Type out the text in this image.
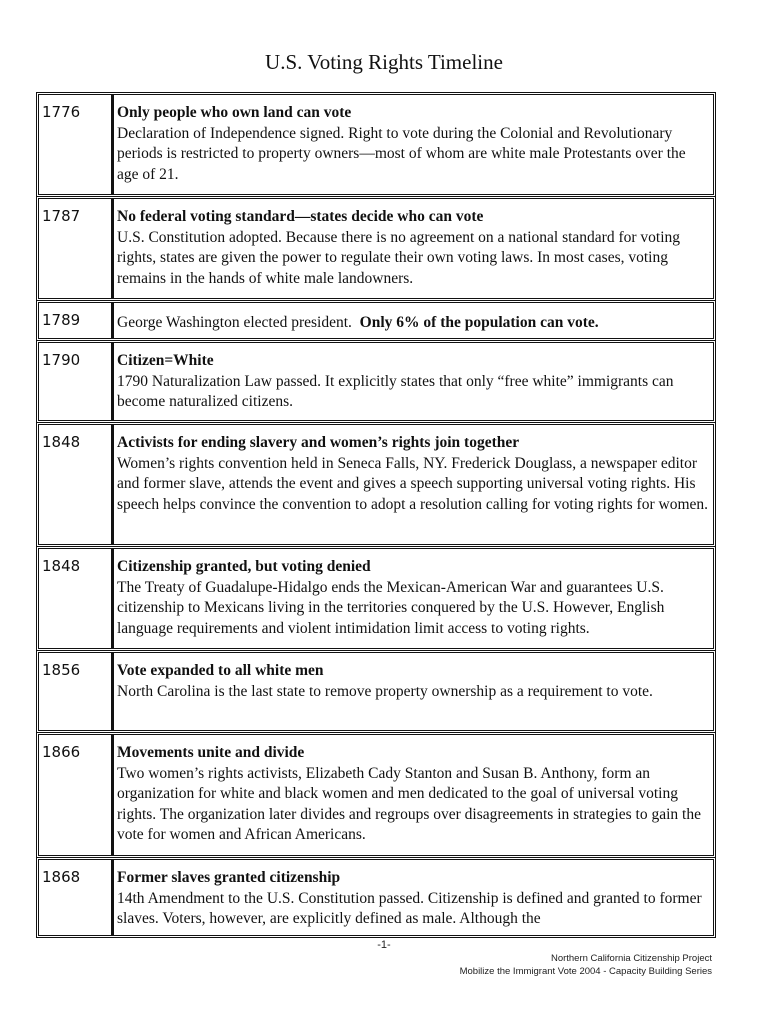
U.S. Voting Rights Timeline
1776	Only people who own land can vote
Declaration of Independence signed. Right to vote during the Colonial and Revolutionary periods is restricted to property owners—most of whom are white male Protestants over the age of 21.
1787	No federal voting standard—states decide who can vote
U.S. Constitution adopted. Because there is no agreement on a national standard for voting rights, states are given the power to regulate their own voting laws. In most cases, voting remains in the hands of white male landowners.
1789	George Washington elected president.  Only 6% of the population can vote.
1790	Citizen=White
1790 Naturalization Law passed. It explicitly states that only “free white” immigrants can become naturalized citizens.
1848	Activists for ending slavery and women’s rights join together
Women’s rights convention held in Seneca Falls, NY. Frederick Douglass, a newspaper editor and former slave, attends the event and gives a speech supporting universal voting rights. His speech helps convince the convention to adopt a resolution calling for voting rights for women.
1848	Citizenship granted, but voting denied
The Treaty of Guadalupe-Hidalgo ends the Mexican-American War and guarantees U.S. citizenship to Mexicans living in the territories conquered by the U.S. However, English language requirements and violent intimidation limit access to voting rights.
1856	Vote expanded to all white men
North Carolina is the last state to remove property ownership as a requirement to vote.
1866	Movements unite and divide
Two women’s rights activists, Elizabeth Cady Stanton and Susan B. Anthony, form an organization for white and black women and men dedicated to the goal of universal voting rights. The organization later divides and regroups over disagreements in strategies to gain the vote for women and African Americans.
1868	Former slaves granted citizenship
14th Amendment to the U.S. Constitution passed. Citizenship is defined and granted to former slaves. Voters, however, are explicitly defined as male. Although the
-1-
Northern California Citizenship Project
Mobilize the Immigrant Vote 2004 - Capacity Building Series
